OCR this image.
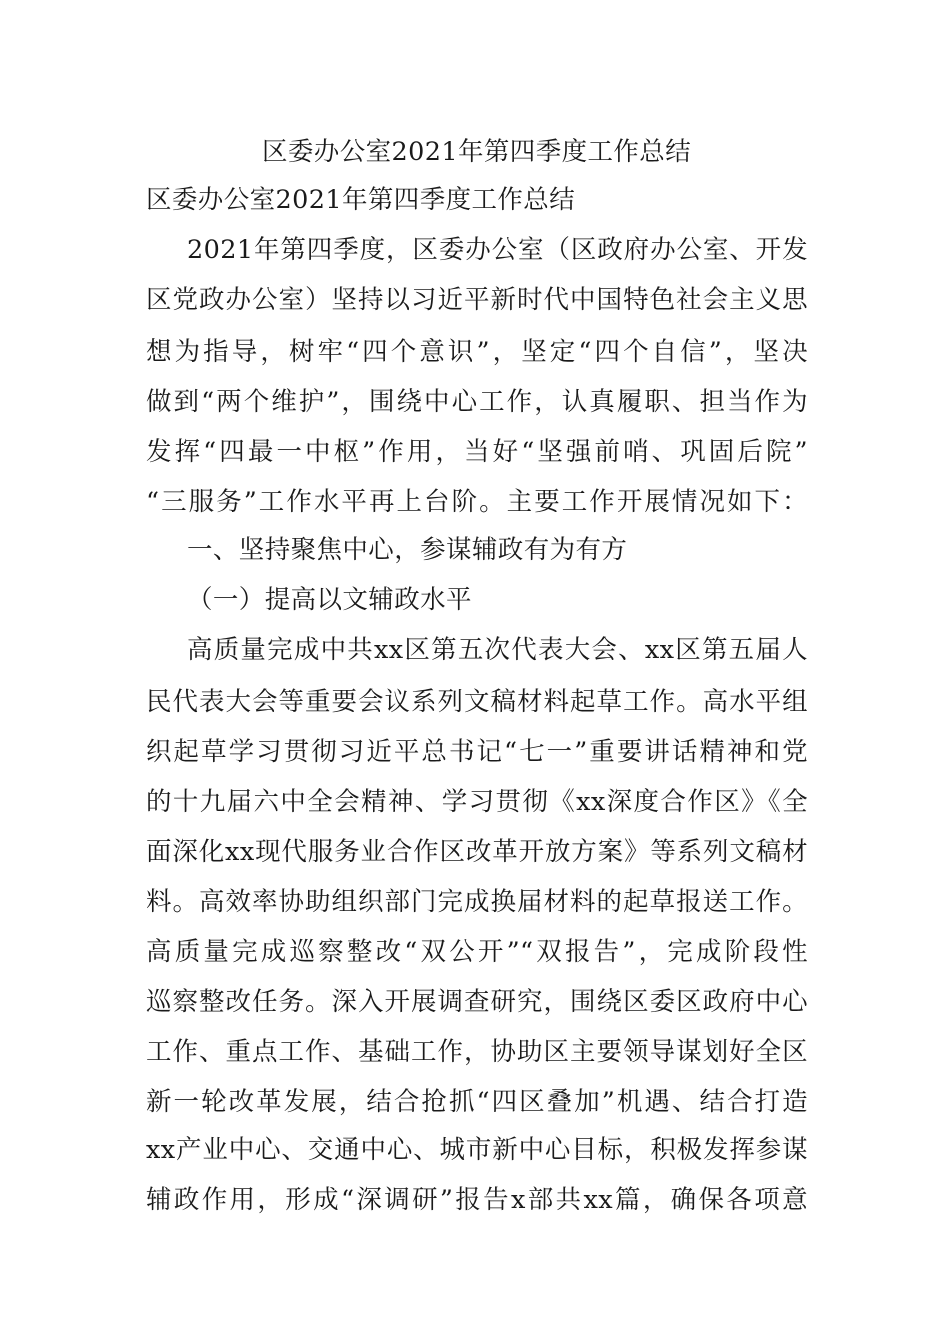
区委办公室2021年第四季度工作总结
区委办公室2021年第四季度工作总结
2021年第四季度，区委办公室（区政府办公室、开发
区党政办公室）坚持以习近平新时代中国特色社会主义思
想为指导，树牢“四个意识”，坚定“四个自信”，坚决
做到“两个维护”，围绕中心工作，认真履职、担当作为
发挥“四最一中枢”作用，当好“坚强前哨、巩固后院”
“三服务”工作水平再上台阶。主要工作开展情况如下：
一、坚持聚焦中心，参谋辅政有为有方
（一）提高以文辅政水平
高质量完成中共xx区第五次代表大会、xx区第五届人
民代表大会等重要会议系列文稿材料起草工作。高水平组
织起草学习贯彻习近平总书记“七一”重要讲话精神和党
的十九届六中全会精神、学习贯彻《xx深度合作区》《全
面深化xx现代服务业合作区改革开放方案》等系列文稿材
料。高效率协助组织部门完成换届材料的起草报送工作。
高质量完成巡察整改“双公开”“双报告”，完成阶段性
巡察整改任务。深入开展调查研究，围绕区委区政府中心
工作、重点工作、基础工作，协助区主要领导谋划好全区
新一轮改革发展，结合抢抓“四区叠加”机遇、结合打造
xx产业中心、交通中心、城市新中心目标，积极发挥参谋
辅政作用，形成“深调研”报告x部共xx篇，确保各项意
